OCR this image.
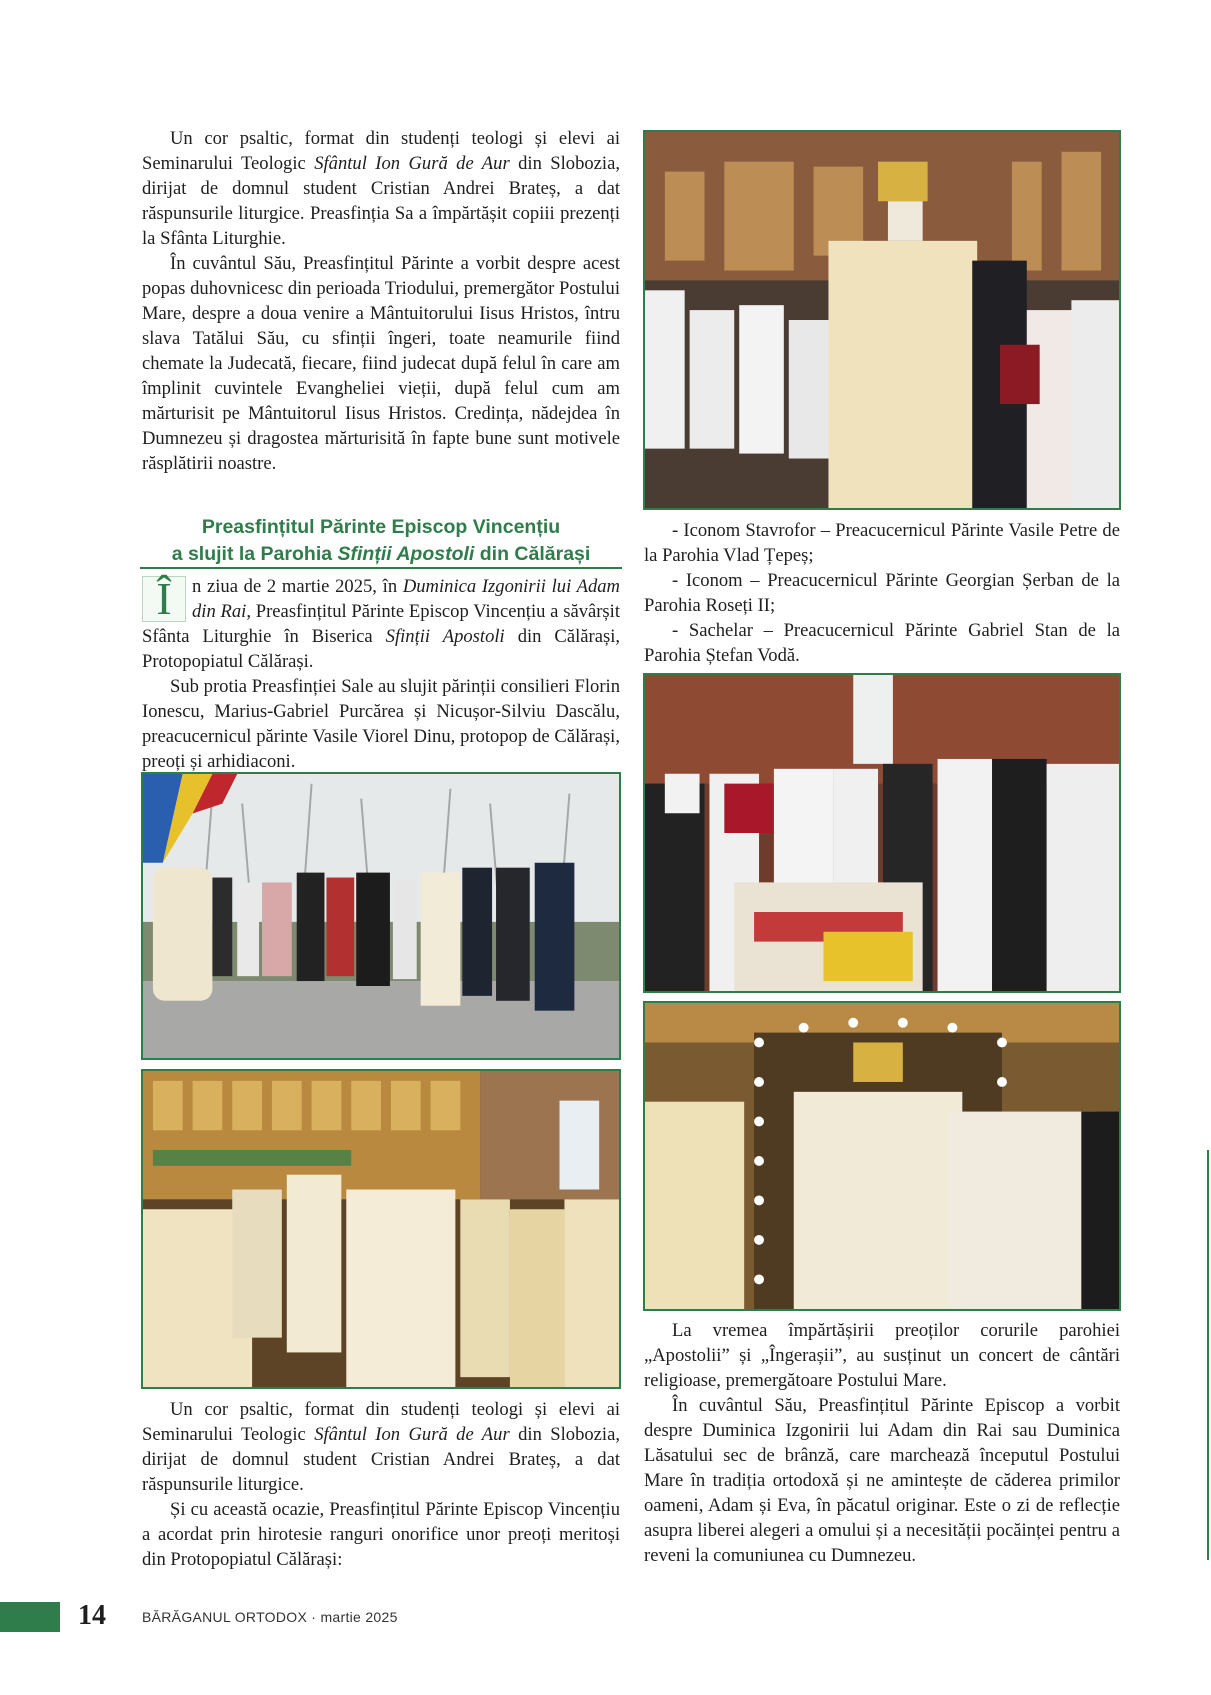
Un cor psaltic, format din studenți teologi și elevi ai Seminarului Teologic Sfântul Ion Gură de Aur din Slobozia, dirijat de domnul student Cristian Andrei Brateș, a dat răspunsurile liturgice. Preasfinția Sa a împărtășit copiii prezenți la Sfânta Liturghie.

În cuvântul Său, Preasfințitul Părinte a vorbit despre acest popas duhovnicesc din perioada Triodului, premergător Postului Mare, despre a doua venire a Mântuitorului Iisus Hristos, întru slava Tatălui Său, cu sfinții îngeri, toate neamurile fiind chemate la Judecată, fiecare, fiind judecat după felul în care am împlinit cuvintele Evangheliei vieții, după felul cum am mărturisit pe Mântuitorul Iisus Hristos. Credința, nădejdea în Dumnezeu și dragostea mărturisită în fapte bune sunt motivele răsplătirii noastre.

Preasfințitul Părinte Episcop Vincențiu
a slujit la Parohia Sfinții Apostoli din Călărași

Î	n ziua de 2 martie 2025, în Duminica Izgonirii lui Adam din Rai, Preasfințitul Părinte Episcop Vincențiu a săvârșit Sfânta Liturghie în Biserica Sfinții Apostoli din Călărași, Protopopiatul Călărași.

Sub protia Preasfinției Sale au slujit părinții consilieri Florin Ionescu, Marius-Gabriel Purcărea și Nicușor-Silviu Dascălu, preacucernicul părinte Vasile Viorel Dinu, protopop de Călărași, preoți și arhidiaconi.

Un cor psaltic, format din studenți teologi și elevi ai Seminarului Teologic Sfântul Ion Gură de Aur din Slobozia, dirijat de domnul student Cristian Andrei Brateș, a dat răspunsurile liturgice.

Și cu această ocazie, Preasfințitul Părinte Episcop Vincențiu a acordat prin hirotesie ranguri onorifice unor preoți meritoși din Protopopiatul Călărași:

- Iconom Stavrofor – Preacucernicul Părinte Vasile Petre de la Parohia Vlad Țepeș;

- Iconom – Preacucernicul Părinte Georgian Șerban de la Parohia Roseți II;

- Sachelar – Preacucernicul Părinte Gabriel Stan de la Parohia Ștefan Vodă.

La vremea împărtășirii preoților corurile parohiei „Apostolii” și „Îngerașii”, au susținut un concert de cântări religioase, premergătoare Postului Mare.

În cuvântul Său, Preasfințitul Părinte Episcop a vorbit despre Duminica Izgonirii lui Adam din Rai sau Duminica Lăsatului sec de brânză, care marchează începutul Postului Mare în tradiția ortodoxă și ne amintește de căderea primilor oameni, Adam și Eva, în păcatul originar. Este o zi de reflecție asupra liberei alegeri a omului și a necesității pocăinței pentru a reveni la comuniunea cu Dumnezeu.

14	BĂRĂGANUL ORTODOX · martie 2025
